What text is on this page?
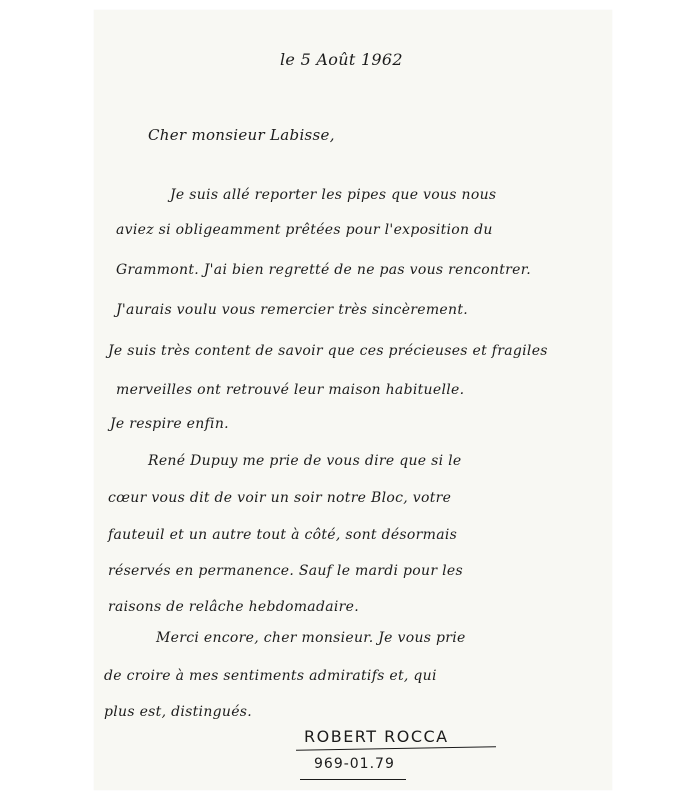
le 5 Août 1962
Cher monsieur Labisse,
Je suis allé reporter les pipes que vous nous
aviez si obligeamment prêtées pour l'exposition du
Grammont. J'ai bien regretté de ne pas vous rencontrer.
J'aurais voulu vous remercier très sincèrement.
Je suis très content de savoir que ces précieuses et fragiles
merveilles ont retrouvé leur maison habituelle.
Je respire enfin.
René Dupuy me prie de vous dire que si le
cœur vous dit de voir un soir notre Bloc, votre
fauteuil et un autre tout à côté, sont désormais
réservés en permanence. Sauf le mardi pour les
raisons de relâche hebdomadaire.
Merci encore, cher monsieur. Je vous prie
de croire à mes sentiments admiratifs et, qui
plus est, distingués.
ROBERT ROCCA
969-01.79
